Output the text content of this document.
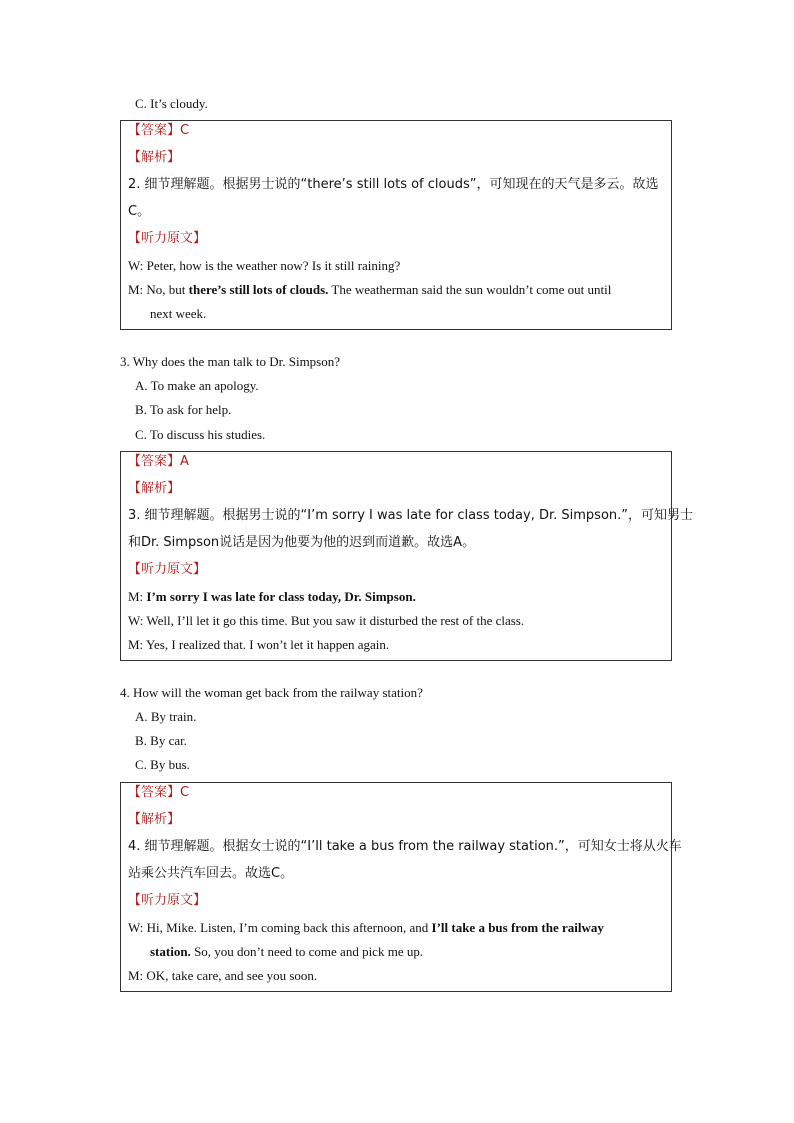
C. It’s cloudy.
【答案】C
【解析】
2. 细节理解题。根据男士说的“there’s still lots of clouds”，可知现在的天气是多云。故选
C。
【听力原文】
W: Peter, how is the weather now? Is it still raining?
M: No, but there’s still lots of clouds. The weatherman said the sun wouldn’t come out until
next week.
3. Why does the man talk to Dr. Simpson?
A. To make an apology.
B. To ask for help.
C. To discuss his studies.
【答案】A
【解析】
3. 细节理解题。根据男士说的“I’m sorry I was late for class today, Dr. Simpson.”，可知男士
和Dr. Simpson说话是因为他要为他的迟到而道歉。故选A。
【听力原文】
M: I’m sorry I was late for class today, Dr. Simpson.
W: Well, I’ll let it go this time. But you saw it disturbed the rest of the class.
M: Yes, I realized that. I won’t let it happen again.
4. How will the woman get back from the railway station?
A. By train.
B. By car.
C. By bus.
【答案】C
【解析】
4. 细节理解题。根据女士说的“I’ll take a bus from the railway station.”，可知女士将从火车
站乘公共汽车回去。故选C。
【听力原文】
W: Hi, Mike. Listen, I’m coming back this afternoon, and I’ll take a bus from the railway
station. So, you don’t need to come and pick me up.
M: OK, take care, and see you soon.
